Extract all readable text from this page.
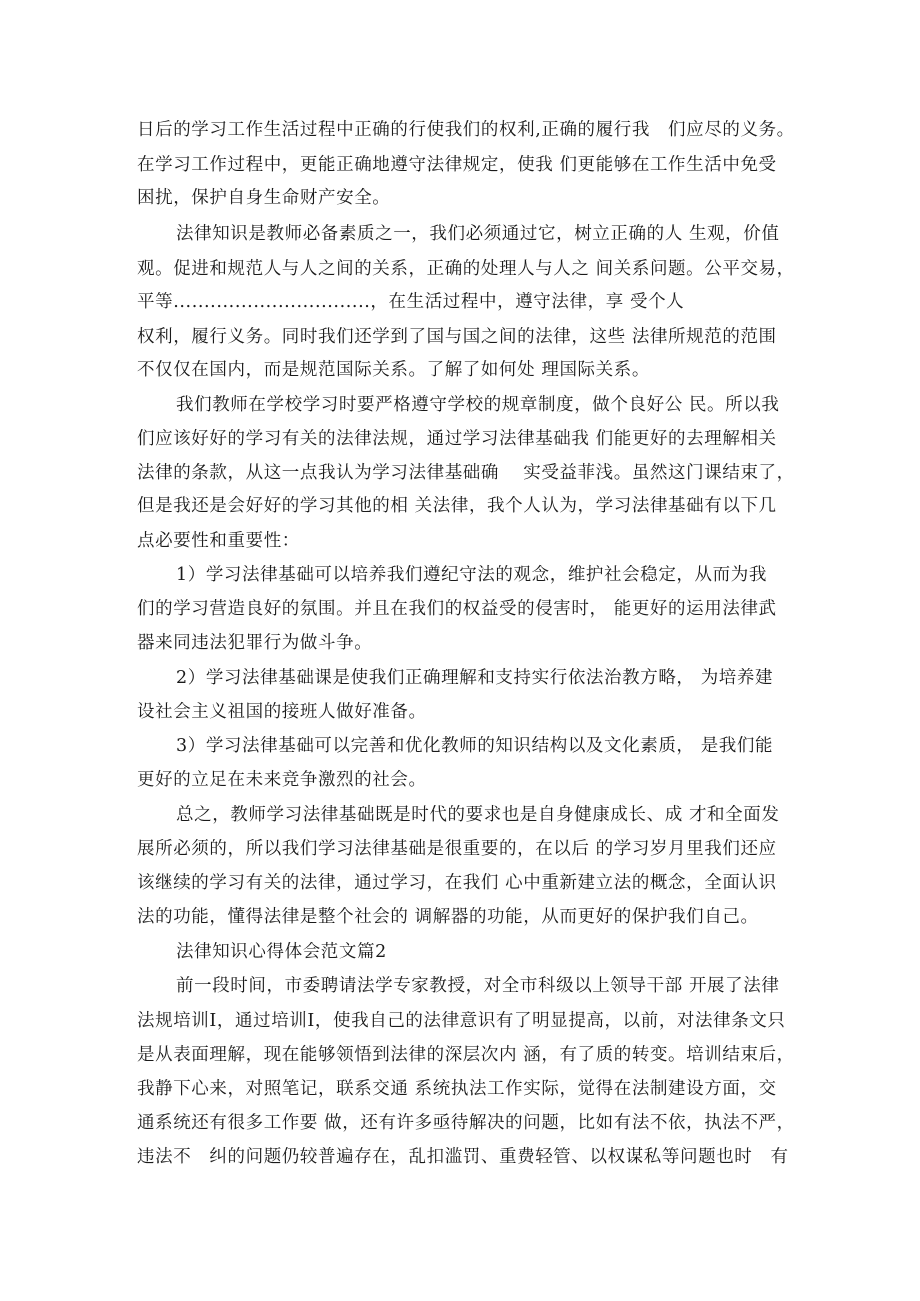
日后的学习工作生活过程中正确的行使我们的权利,正确的履行我　们应尽的义务。
在学习工作过程中，更能正确地遵守法律规定，使我 们更能够在工作生活中免受
困扰，保护自身生命财产安全。
法律知识是教师必备素质之一，我们必须通过它，树立正确的人 生观，价值
观。促进和规范人与人之间的关系，正确的处理人与人之 间关系问题。公平交易，
平等................................，在生活过程中，遵守法律，享 受个人
权利，履行义务。同时我们还学到了国与国之间的法律，这些 法律所规范的范围
不仅仅在国内，而是规范国际关系。了解了如何处 理国际关系。
我们教师在学校学习时要严格遵守学校的规章制度，做个良好公 民。所以我
们应该好好的学习有关的法律法规，通过学习法律基础我 们能更好的去理解相关
法律的条款，从这一点我认为学习法律基础确　 实受益菲浅。虽然这门课结束了，
但是我还是会好好的学习其他的相 关法律，我个人认为，学习法律基础有以下几
点必要性和重要性：
1）学习法律基础可以培养我们遵纪守法的观念，维护社会稳定，从而为我
们的学习营造良好的氛围。并且在我们的权益受的侵害时， 能更好的运用法律武
器来同违法犯罪行为做斗争。
2）学习法律基础课是使我们正确理解和支持实行依法治教方略， 为培养建
设社会主义祖国的接班人做好准备。
3）学习法律基础可以完善和优化教师的知识结构以及文化素质， 是我们能
更好的立足在未来竞争激烈的社会。
总之，教师学习法律基础既是时代的要求也是自身健康成长、成 才和全面发
展所必须的，所以我们学习法律基础是很重要的，在以后 的学习岁月里我们还应
该继续的学习有关的法律，通过学习，在我们 心中重新建立法的概念，全面认识
法的功能，懂得法律是整个社会的 调解器的功能，从而更好的保护我们自己。
法律知识心得体会范文篇2
前一段时间，市委聘请法学专家教授，对全市科级以上领导干部 开展了法律
法规培训I，通过培训I，使我自己的法律意识有了明显提高，以前，对法律条文只
是从表面理解，现在能够领悟到法律的深层次内 涵，有了质的转变。培训结束后，
我静下心来，对照笔记，联系交通 系统执法工作实际，觉得在法制建设方面，交
通系统还有很多工作要 做，还有许多亟待解决的问题，比如有法不依，执法不严，
违法不　纠的问题仍较普遍存在，乱扣滥罚、重费轻管、以权谋私等问题也时　有
